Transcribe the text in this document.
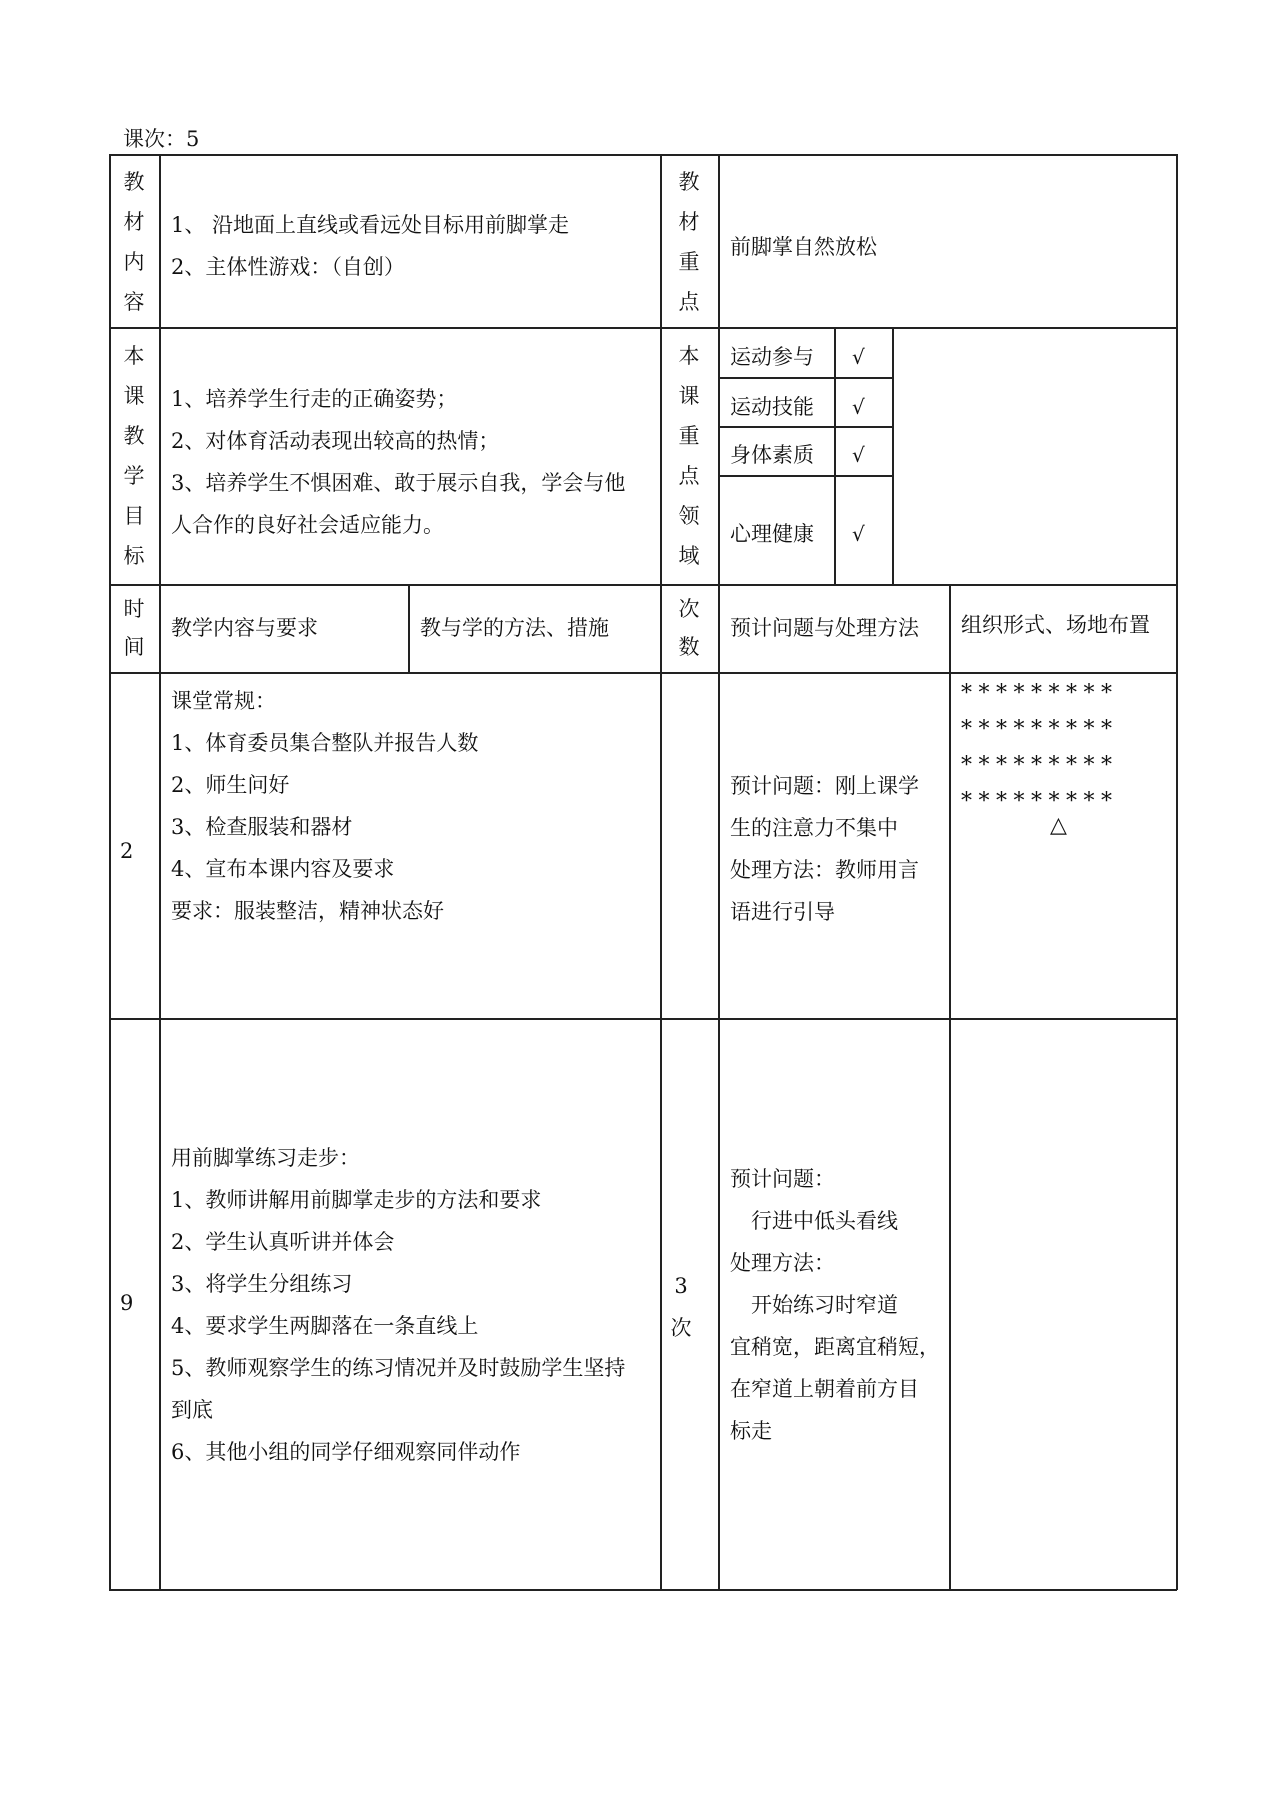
课次：5
教
材
内
容
1、 沿地面上直线或看远处目标用前脚掌走
2、主体性游戏：（自创）
教
材
重
点
前脚掌自然放松
本
课
教
学
目
标
1、培养学生行走的正确姿势；
2、对体育活动表现出较高的热情；
3、培养学生不惧困难、敢于展示自我，学会与他
人合作的良好社会适应能力。
本
课
重
点
领
域
运动参与 √
运动技能 √
身体素质 √
心理健康 √
时
间
教学内容与要求	教与学的方法、措施
次
数
预计问题与处理方法 组织形式、场地布置
2
课堂常规：
1、体育委员集合整队并报告人数
2、师生问好
3、检查服装和器材
4、宣布本课内容及要求
要求：服装整洁，精神状态好
预计问题：刚上课学
生的注意力不集中
处理方法：教师用言
语进行引导
*********
*********
*********
*********
△
9
用前脚掌练习走步：
1、教师讲解用前脚掌走步的方法和要求
2、学生认真听讲并体会
3、将学生分组练习
4、要求学生两脚落在一条直线上
5、教师观察学生的练习情况并及时鼓励学生坚持
到底
6、其他小组的同学仔细观察同伴动作
3
次
预计问题：
　行进中低头看线
处理方法：
　开始练习时窄道
宜稍宽，距离宜稍短，
在窄道上朝着前方目
标走
